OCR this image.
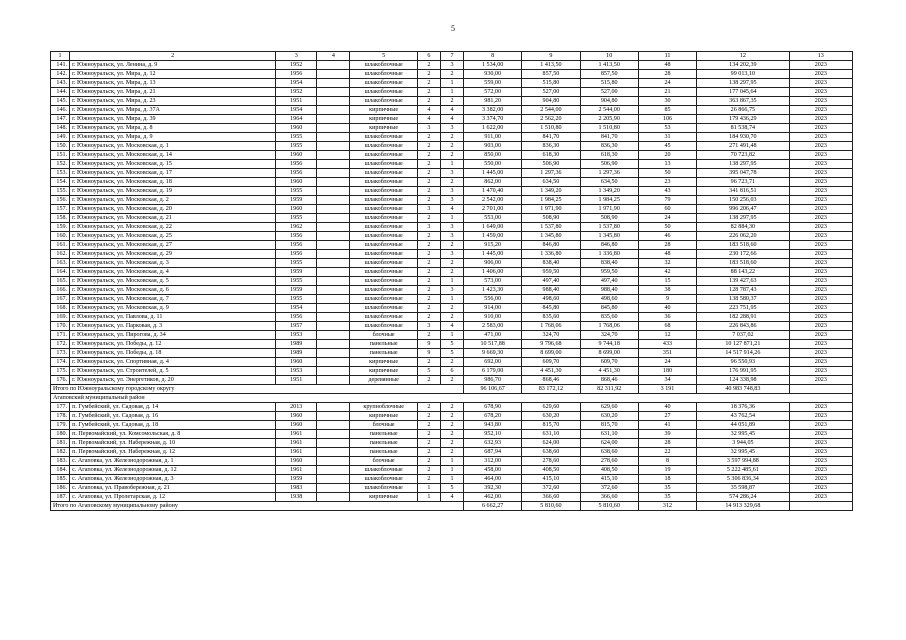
5
1	2	3	4	5	6	7	8	9	10	11	12	13
141.	г. Южноуральск, ул. Ленина, д. 9	1952		шлакоблочные	2	3	1 534,00	1 413,50	1 413,50	48	134 202,39	2023
142.	г. Южноуральск, ул. Мира, д. 12	1956		шлакоблочные	2	2	930,00	857,50	857,50	28	99 013,10	2023
143.	г. Южноуральск, ул. Мира, д. 13	1954		шлакоблочные	2	1	559,00	515,80	515,80	24	138 297,95	2023
144.	г. Южноуральск, ул. Мира, д. 21	1952		шлакоблочные	2	1	572,00	527,00	527,00	21	177 045,64	2023
145.	г. Южноуральск, ул. Мира, д. 23	1951		шлакоблочные	2	2	981,20	904,80	904,80	30	363 867,35	2023
146.	г. Южноуральск, ул. Мира, д. 37А	1954		кирпичные	4	4	3 382,00	2 544,00	2 544,00	85	26 866,75	2023
147.	г. Южноуральск, ул. Мира, д. 39	1964		кирпичные	4	4	3 374,70	2 562,20	2 205,90	106	179 436,29	2023
148.	г. Южноуральск, ул. Мира, д. 8	1960		кирпичные	3	3	1 622,00	1 510,80	1 510,80	53	81 538,74	2023
149.	г. Южноуральск, ул. Мира, д. 9	1955		шлакоблочные	2	2	911,00	841,70	841,70	31	184 930,70	2023
150.	г. Южноуральск, ул. Московская, д. 1	1955		шлакоблочные	2	2	903,00	836,30	836,30	45	271 491,48	2023
151.	г. Южноуральск, ул. Московская, д. 14	1960		шлакоблочные	2	2	850,00	618,30	618,30	20	70 723,82	2023
152.	г. Южноуральск, ул. Московская, д. 15	1956		шлакоблочные	2	1	550,00	506,90	506,90	13	138 297,95	2023
153.	г. Южноуральск, ул. Московская, д. 17	1956		шлакоблочные	2	3	1 445,00	1 297,36	1 297,36	50	395 047,78	2023
154.	г. Южноуральск, ул. Московская, д. 18	1960		шлакоблочные	2	2	862,00	634,50	634,50	23	96 723,71	2023
155.	г. Южноуральск, ул. Московская, д. 19	1955		шлакоблочные	2	3	1 470,40	1 349,20	1 349,20	43	341 816,51	2023
156.	г. Южноуральск, ул. Московская, д. 2	1959		шлакоблочные	2	3	2 542,00	1 984,25	1 984,25	79	150 256,03	2023
157.	г. Южноуральск, ул. Московская, д. 20	1960		шлакоблочные	3	4	2 701,00	1 971,90	1 971,90	60	996 206,47	2023
158.	г. Южноуральск, ул. Московская, д. 21	1955		шлакоблочные	2	1	553,00	508,90	508,90	24	138 297,95	2023
159.	г. Южноуральск, ул. Московская, д. 22	1962		шлакоблочные	3	3	1 649,00	1 537,80	1 537,80	50	82 884,30	2023
160.	г. Южноуральск, ул. Московская, д. 25	1956		шлакоблочные	2	3	1 459,00	1 345,80	1 345,80	46	226 062,20	2023
161.	г. Южноуральск, ул. Московская, д. 27	1956		шлакоблочные	2	2	915,20	846,80	846,80	28	183 518,60	2023
162.	г. Южноуральск, ул. Московская, д. 29	1956		шлакоблочные	2	3	1 445,00	1 336,80	1 336,80	48	230 172,66	2023
163.	г. Южноуральск, ул. Московская, д. 3	1955		шлакоблочные	2	2	906,00	838,40	838,40	32	183 518,60	2023
164.	г. Южноуральск, ул. Московская, д. 4	1959		шлакоблочные	2	2	1 406,00	959,50	959,50	42	88 143,22	2023
165.	г. Южноуральск, ул. Московская, д. 5	1955		шлакоблочные	2	1	573,00	497,40	497,40	15	139 427,63	2023
166.	г. Южноуральск, ул. Московская, д. 6	1959		шлакоблочные	2	3	1 423,30	988,40	988,40	38	128 787,43	2023
167.	г. Южноуральск, ул. Московская, д. 7	1955		шлакоблочные	2	1	556,00	498,60	498,60	9	138 580,37	2023
168.	г. Южноуральск, ул. Московская, д. 9	1954		шлакоблочные	2	2	914,00	845,80	845,80	40	223 751,95	2023
169.	г. Южноуральск, ул. Павлова, д. 11	1956		шлакоблочные	2	2	910,00	835,60	835,60	36	182 288,91	2023
170.	г. Южноуральск, ул. Парковая, д. 3	1957		шлакоблочные	3	4	2 583,00	1 768,06	1 768,06	68	226 843,86	2023
171.	г. Южноуральск, ул. Пирогова, д. 34	1953		блочные	2	1	471,00	324,70	324,70	12	7 037,02	2023
172.	г. Южноуральск, ул. Победы, д. 12	1989		панельные	9	5	10 517,88	9 796,68	9 744,18	433	10 127 871,21	2023
173.	г. Южноуральск, ул. Победы, д. 18	1989		панельные	9	5	9 669,30	8 699,00	8 699,00	351	14 517 914,26	2023
174.	г. Южноуральск, ул. Спортивная, д. 4	1960		кирпичные	2	2	692,00	609,70	609,70	24	96 550,93	2023
175.	г. Южноуральск, ул. Строителей, д. 5	1953		кирпичные	5	6	6 179,00	4 451,30	4 451,30	180	176 991,95	2023
176.	г. Южноуральск, ул. Энергетиков, д. 20	1951		деревянные	2	2	986,70	868,46	868,46	34	124 338,98	2023
Итого по Южноуральскому городскому округу							96 106,67	83 172,12	82 311,92	3 191	40 983 748,83	
Агаповский муниципальный район												
177.	п. Гумбейский, ул. Садовая, д. 14	2013		крупноблочные	2	2	678,90	629,60	629,60	40	18 376,36	2023
178.	п. Гумбейский, ул. Садовая, д. 16	1960		кирпичные	2	2	678,20	630,20	630,20	27	43 762,54	2023
179.	п. Гумбейский, ул. Садовая, д. 18	1960		блочные	2	2	943,80	815,70	815,70	41	44 051,89	2023
180.	п. Первомайский, ул. Комсомольская, д. 8	1961		панельные	2	2	952,10	631,10	631,10	39	32 995,45	2023
181.	п. Первомайский, ул. Набережная, д. 10	1961		панельные	2	2	632,93	624,00	624,00	28	3 944,05	2023
182.	п. Первомайский, ул. Набережная, д. 12	1961		панельные	2	2	687,94	638,60	638,60	22	32 995,45	2023
183.	с. Агаповка, ул. Железнодорожная, д. 1	1960		блочные	2	1	312,00	278,60	278,60	8	3 597 994,88	2023
184.	с. Агаповка, ул. Железнодорожная, д. 12	1961		шлакоблочные	2	1	458,00	408,50	408,50	19	5 222 485,61	2023
185.	с. Агаповка, ул. Железнодорожная, д. 3	1959		шлакоблочные	2	1	464,00	415,10	415,10	18	5 306 836,34	2023
186.	с. Агаповка, ул. Правобережная, д. 21	1983		шлакоблочные	1	5	392,30	372,60	372,60	35	35 598,87	2023
187.	с. Агаповка, ул. Пролетарская, д. 12	1938		кирпичные	1	4	462,00	366,60	366,60	35	574 286,24	2023
Итого по Агаповскому муниципальному району							6 662,27	5 810,60	5 810,60	312	14 913 329,68	
